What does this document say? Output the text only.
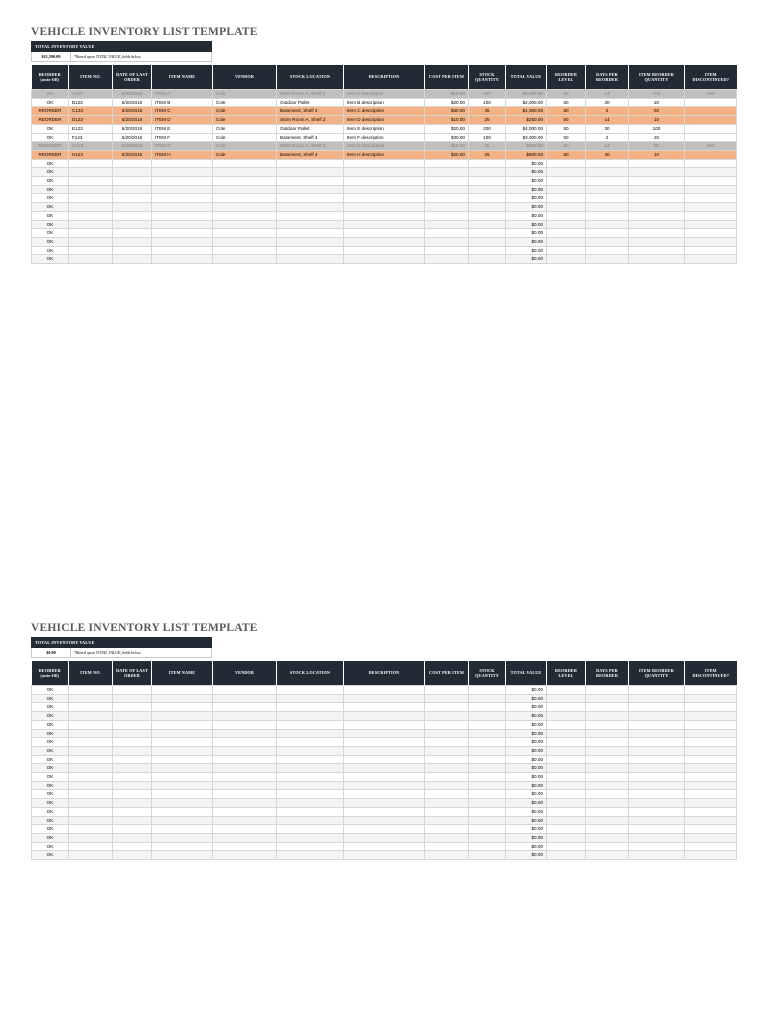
VEHICLE INVENTORY LIST TEMPLATE
TOTAL INVENTORY VALUE
$21,590.00	*Based upon TOTAL VALUE fields below.
REORDER (auto-fill)	ITEM NO.	DATE OF LAST ORDER	ITEM NAME	VENDOR	STOCK LOCATION	DESCRIPTION	COST PER ITEM	STOCK QUANTITY	TOTAL VALUE	REORDER LEVEL	DAYS PER REORDER	ITEM REORDER QUANTITY	ITEM DISCONTINUED?
OK	A123	5/20/2016	ITEM A	Cole	Store Room A, Shelf 3	Item A description	$10.00	200	$2,000.00	50	14	100	Yes
OK	B123	5/20/2016	ITEM B	Cole	Outdoor Pallet	Item B description	$20.00	100	$2,000.00	50	30	20	
REORDER	C123	5/20/2016	ITEM C	Cole	Basement, Shelf 4	Item C description	$30.00	45	$1,350.00	50	2	50	
REORDER	D123	5/20/2016	ITEM D	Cole	Store Room A, Shelf 2	Item D description	$10.00	25	$250.00	50	14	10	
OK	E123	5/20/2016	ITEM E	Cole	Outdoor Pallet	Item E description	$20.00	200	$4,000.00	50	30	100	
OK	F123	5/20/2016	ITEM F	Cole	Basement, Shelf 4	Item F description	$30.00	100	$3,000.00	50	2	20	
REORDER	G123	5/20/2016	ITEM G	Cole	Store Room A, Shelf 3	Item G description	$10.00	45	$450.00	50	14	50	Yes
REORDER	H123	5/20/2016	ITEM H	Cole	Basement, Shelf 4	Item H description	$20.00	25	$500.00	50	30	10	
OK									$0.00				
OK									$0.00				
OK									$0.00				
OK									$0.00				
OK									$0.00				
OK									$0.00				
OK									$0.00				
OK									$0.00				
OK									$0.00				
OK									$0.00				
OK									$0.00				
OK									$0.00				
VEHICLE INVENTORY LIST TEMPLATE
TOTAL INVENTORY VALUE
$0.00	*Based upon TOTAL VALUE fields below.
REORDER (auto-fill)	ITEM NO.	DATE OF LAST ORDER	ITEM NAME	VENDOR	STOCK LOCATION	DESCRIPTION	COST PER ITEM	STOCK QUANTITY	TOTAL VALUE	REORDER LEVEL	DAYS PER REORDER	ITEM REORDER QUANTITY	ITEM DISCONTINUED?
OK									$0.00				
OK									$0.00				
OK									$0.00				
OK									$0.00				
OK									$0.00				
OK									$0.00				
OK									$0.00				
OK									$0.00				
OK									$0.00				
OK									$0.00				
OK									$0.00				
OK									$0.00				
OK									$0.00				
OK									$0.00				
OK									$0.00				
OK									$0.00				
OK									$0.00				
OK									$0.00				
OK									$0.00				
OK									$0.00				
